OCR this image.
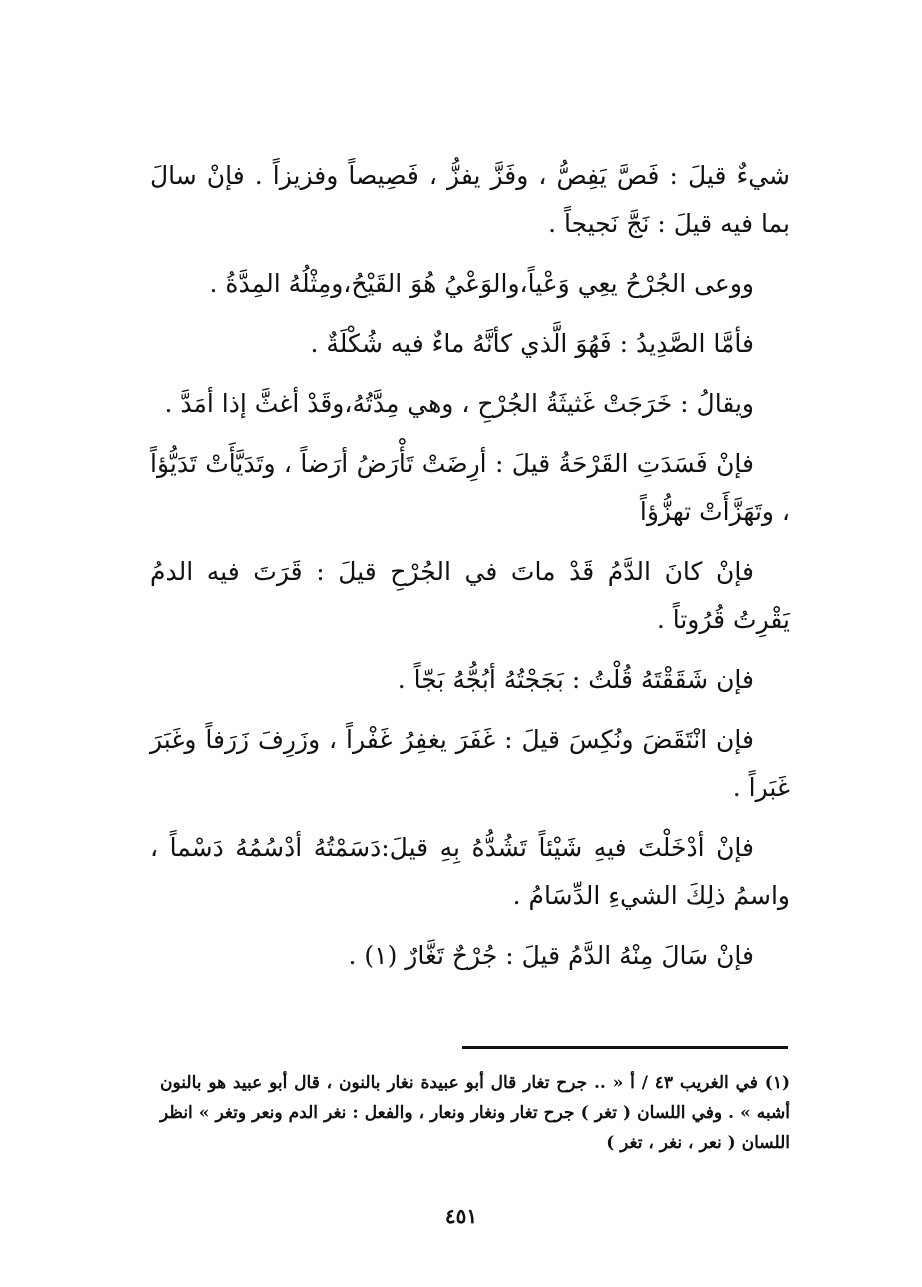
شيءٌ قيلَ : فَصَّ يَفِصُّ ، وفَزَّ يفزُّ ، فَصِيصاً وفزيزاً . فإنْ سالَ بما فيه قيلَ : نَجَّ نَجيجاً .

ووعى الجُرْحُ يعِي وَعْياً،والوَعْيُ هُوَ القَيْحُ،ومِثْلُهُ المِدَّةُ .

فأمَّا الصَّدِيدُ : فَهُوَ الَّذي كأنَّهُ ماءٌ فيه شُكْلَةٌ .

ويقالُ : خَرَجَتْ غَثيثَةُ الجُرْحِ ، وهي مِدَّتُهُ،وقَدْ أغثَّ إذا أمَدَّ .

فإنْ فَسَدَتِ القَرْحَةُ قيلَ : أرِضَتْ تَأْرَضُ أرَضاً ، وتَدَيَّأَتْ تَدَيُّؤاً ، وتَهَزَّأَتْ تهزُّؤاً

فإنْ كانَ الدَّمُ قَدْ ماتَ في الجُرْحِ قيلَ : قَرَتَ فيه الدمُ يَقْرِتُ قُرُوتاً .

فإن شَقَقْتَهُ قُلْتُ : بَجَجْتُهُ أبُجُّهُ بَجّاً .

فإن انْتَقَضَ ونُكِسَ قيلَ : غَفَرَ يغفِرُ غَفْراً ، وزَرِفَ زَرَفاً وغَبَرَ غَبَراً .

فإنْ أدْخَلْتَ فيهِ شَيْئاً تَشُدُّهُ بِهِ قيلَ:دَسَمْتُهُ أدْسُمُهُ دَسْماً ، واسمُ ذلِكَ الشيءِ الدِّسَامُ .

فإنْ سَالَ مِنْهُ الدَّمُ قيلَ : جُرْحٌ تَغَّارٌ (١) .

(١) في الغريب ٤٣ / أ « .. جرح تغار قال أبو عبيدة نغار بالنون ، قال أبو عبيد هو بالنون أشبه » . وفي اللسان ( تغر ) جرح تغار ونغار ونعار ، والفعل : نغر الدم ونعر وتغر » انظر اللسان ( نعر ، نغر ، تغر )
٤٥١
